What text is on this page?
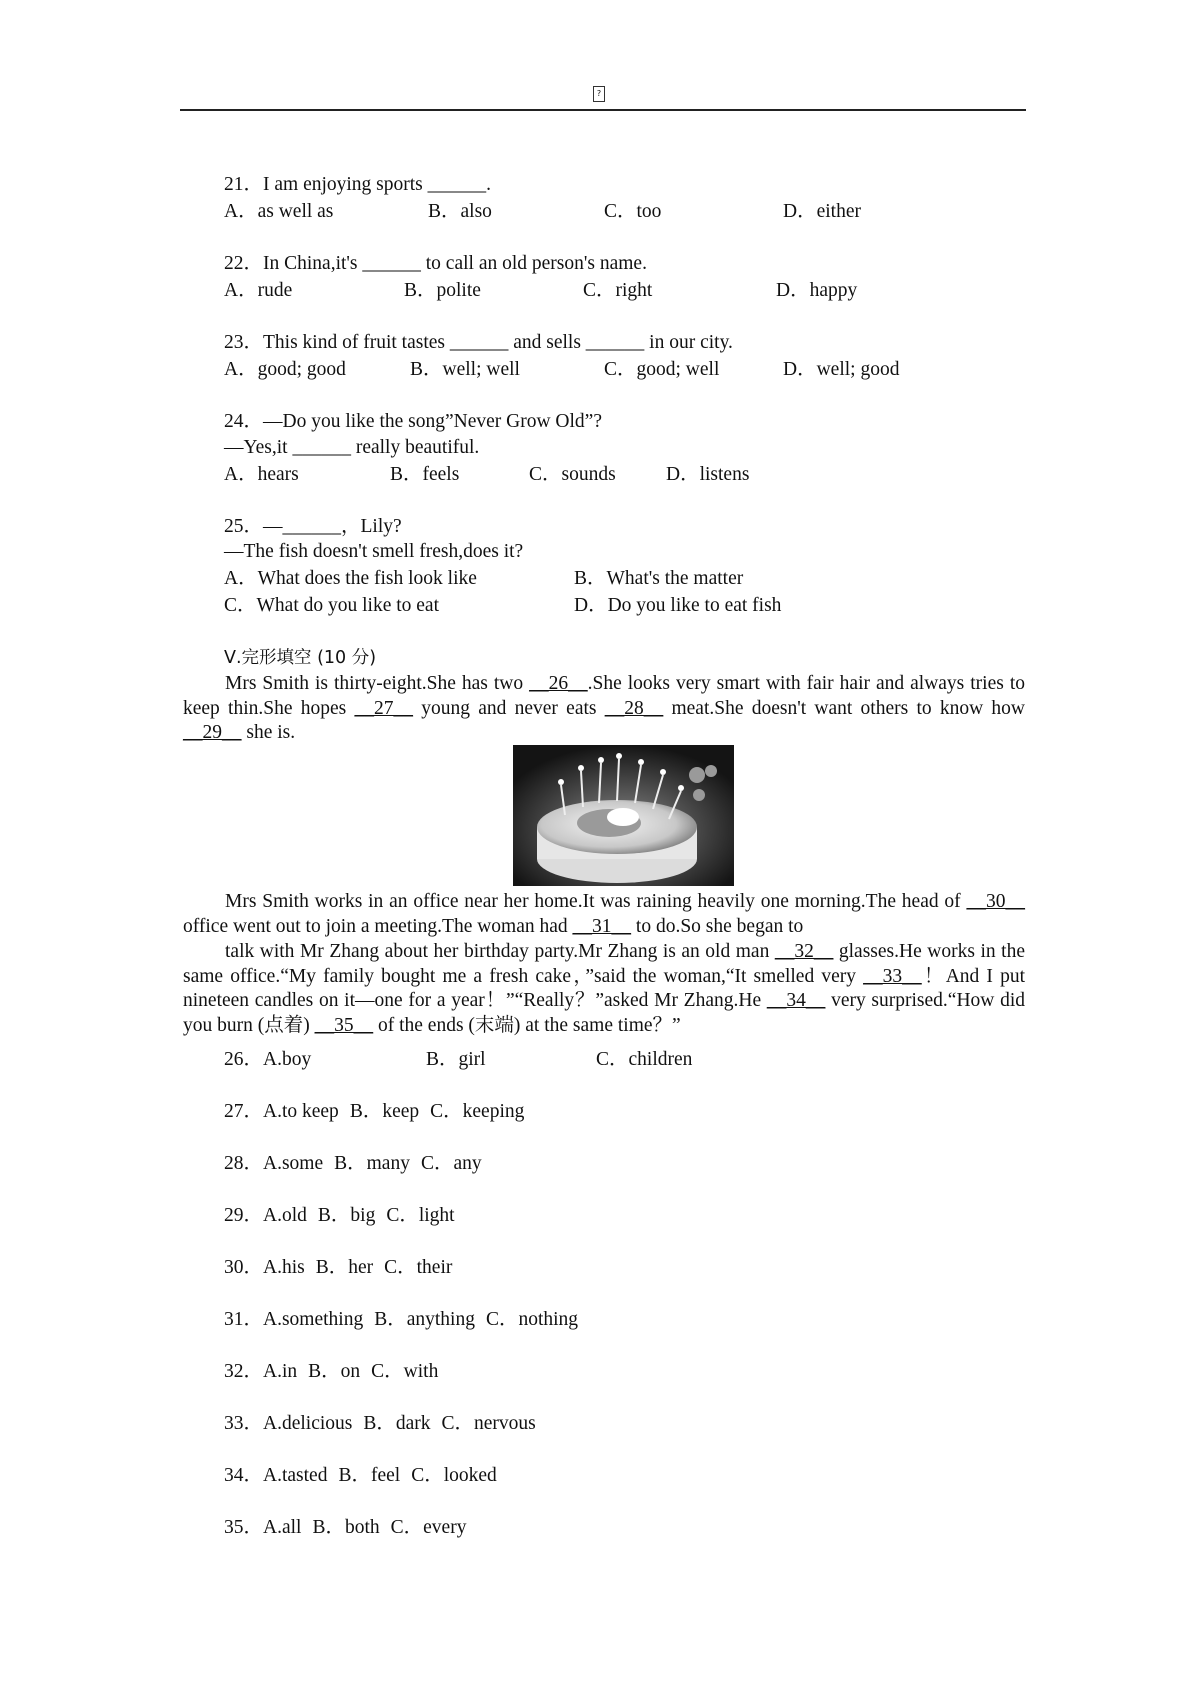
?
21．I am enjoying sports ______.
A．as well as	B．also	C．too	D．either
22．In China,it's ______ to call an old person's name.
A．rude	B．polite	C．right	D．happy
23．This kind of fruit tastes ______ and sells ______ in our city.
A．good; good	B．well; well	C．good; well	D．well; good
24．—Do you like the song”Never Grow Old”?
—Yes,it ______ really beautiful.
A．hears	B．feels	C．sounds	D．listens
25．—______，Lily?
—The fish doesn't smell fresh,does it?
A．What does the fish look like	B．What's the matter
C．What do you like to eat	D．Do you like to eat fish
Ⅴ.完形填空 (10 分)
Mrs Smith is thirty-eight.She has two __26__.She looks very smart with fair hair and always tries to keep thin.She hopes __27__ young and never eats __28__ meat.She doesn't want others to know how __29__ she is.
Mrs Smith works in an office near her home.It was raining heavily one morning.The head of __30__ office went out to join a meeting.The woman had __31__ to do.So she began to
talk with Mr Zhang about her birthday party.Mr Zhang is an old man __32__ glasses.He works in the same office.“My family bought me a fresh cake，”said the woman,“It smelled very __33__！And I put nineteen candles on it—one for a year！”“Really？”asked Mr Zhang.He __34__ very surprised.“How did you burn (点着) __35__ of the ends (末端) at the same time？”
26．A.boy	B．girl	C．children
27．A.to keep B．keep C．keeping
28．A.some B．many C．any
29．A.old B．big C．light
30．A.his B．her C．their
31．A.something B．anything C．nothing
32．A.in B．on C．with
33．A.delicious B．dark C．nervous
34．A.tasted B．feel C．looked
35．A.all B．both C．every
